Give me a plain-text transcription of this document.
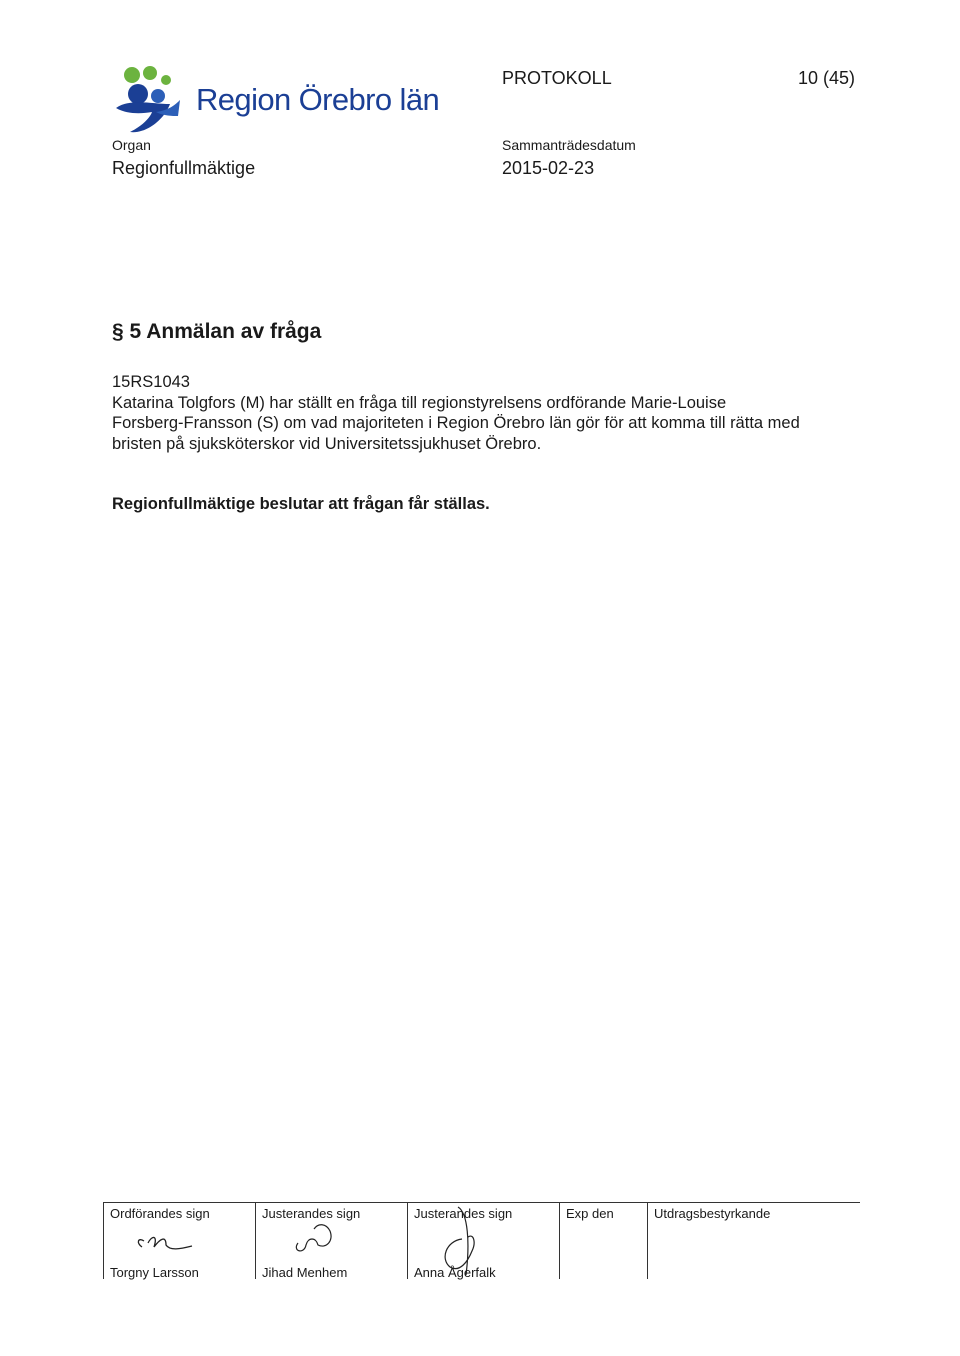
Region Örebro län
PROTOKOLL	10 (45)
Organ
Regionfullmäktige
Sammanträdesdatum
2015-02-23
§ 5 Anmälan av fråga
15RS1043
Katarina Tolgfors (M) har ställt en fråga till regionstyrelsens ordförande Marie-Louise
Forsberg-Fransson (S) om vad majoriteten i Region Örebro län gör för att komma till rätta med
bristen på sjuksköterskor vid Universitetssjukhuset Örebro.
Regionfullmäktige beslutar att frågan får ställas.
Ordförandes sign
Torgny Larsson
Justerandes sign
Jihad Menhem
Justerandes sign
Anna Ågerfalk
Exp den	Utdragsbestyrkande
